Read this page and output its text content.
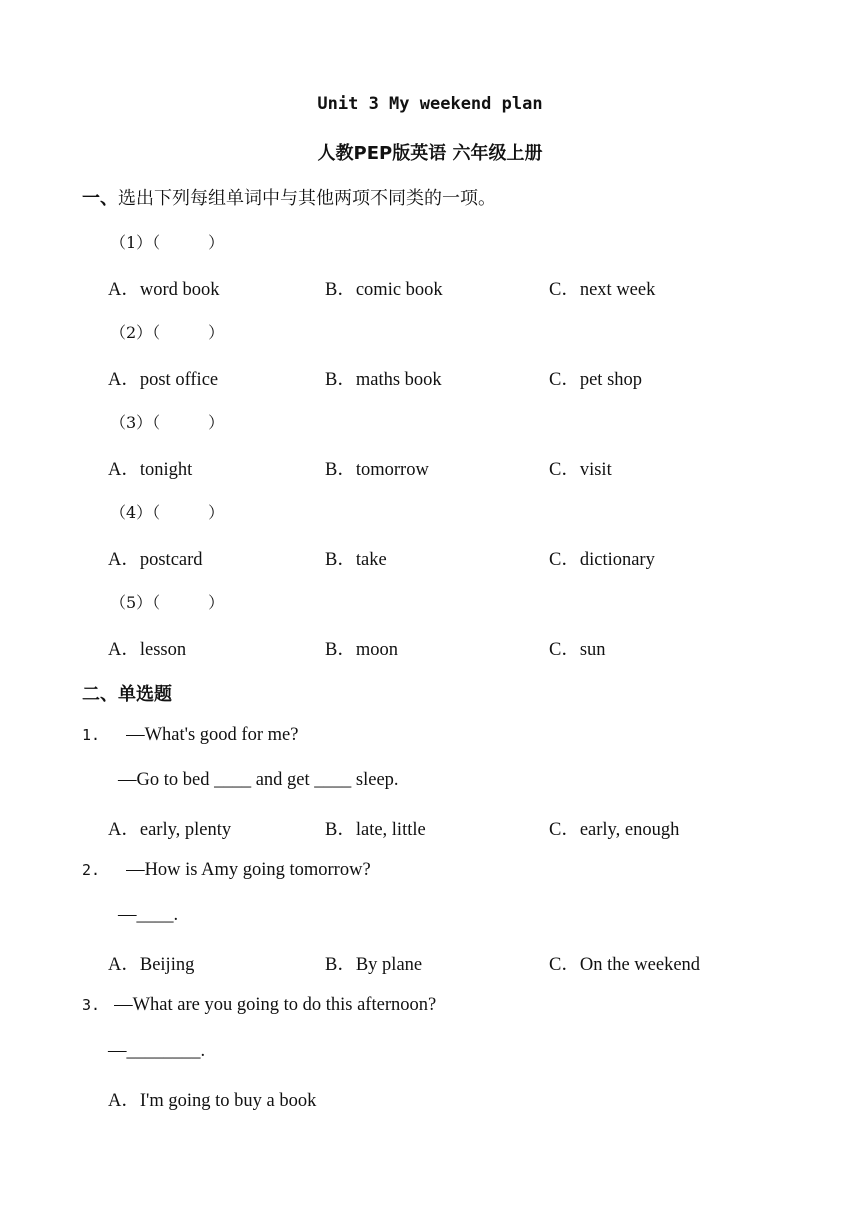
Unit 3 My weekend plan
人教PEP版英语 六年级上册
一、选出下列每组单词中与其他两项不同类的一项。
（1）（　　　）
A．word book	B．comic book	C．next week
（2）（　　　）
A．post office	B．maths book	C．pet shop
（3）（　　　）
A．tonight	B．tomorrow	C．visit
（4）（　　　）
A．postcard	B．take	C．dictionary
（5）（　　　）
A．lesson	B．moon	C．sun
二、单选题
1. —What's good for me?
—Go to bed ____ and get ____ sleep.
A．early, plenty	B．late, little	C．early, enough
2. —How is Amy going tomorrow?
—____.
A．Beijing	B．By plane	C．On the weekend
3. —What are you going to do this afternoon?
—________.
A．I'm going to buy a book
